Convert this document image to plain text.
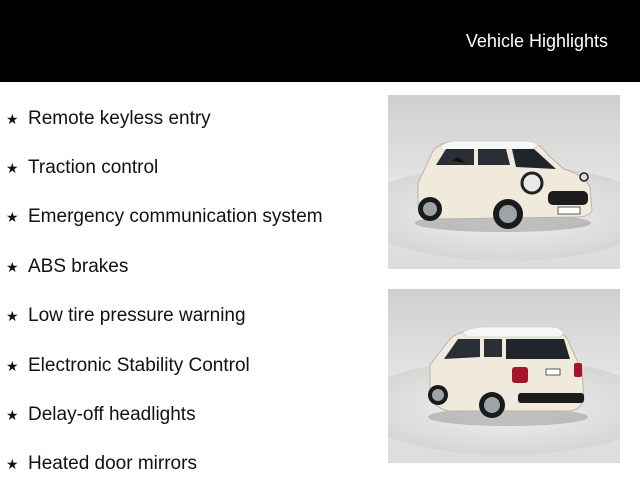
Vehicle Highlights
★ Remote keyless entry
★ Traction control
★ Emergency communication system
★ ABS brakes
★ Low tire pressure warning
★ Electronic Stability Control
★ Delay-off headlights
★ Heated door mirrors
